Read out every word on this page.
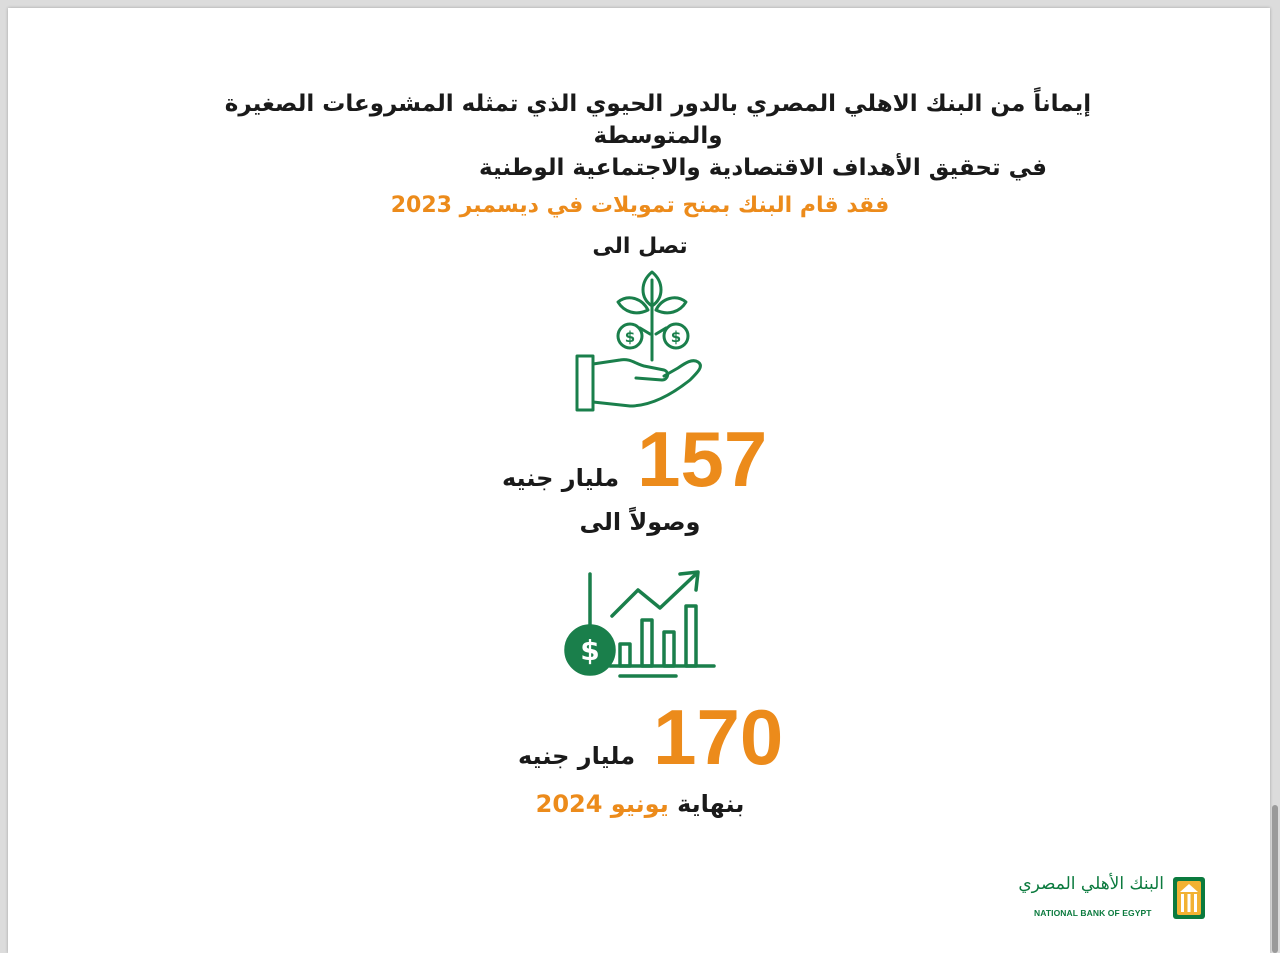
إيماناً من البنك الاهلي المصري بالدور الحيوي الذي تمثله المشروعات الصغيرة والمتوسطة
في تحقيق الأهداف الاقتصادية والاجتماعية الوطنية
فقد قام البنك بمنح تمويلات في ديسمبر 2023
تصل الى
$ $
مليار جنيه 157
وصولاً الى
$
مليار جنيه 170
بنهاية يونيو 2024
البنك الأهلي المصري
NATIONAL BANK OF EGYPT
